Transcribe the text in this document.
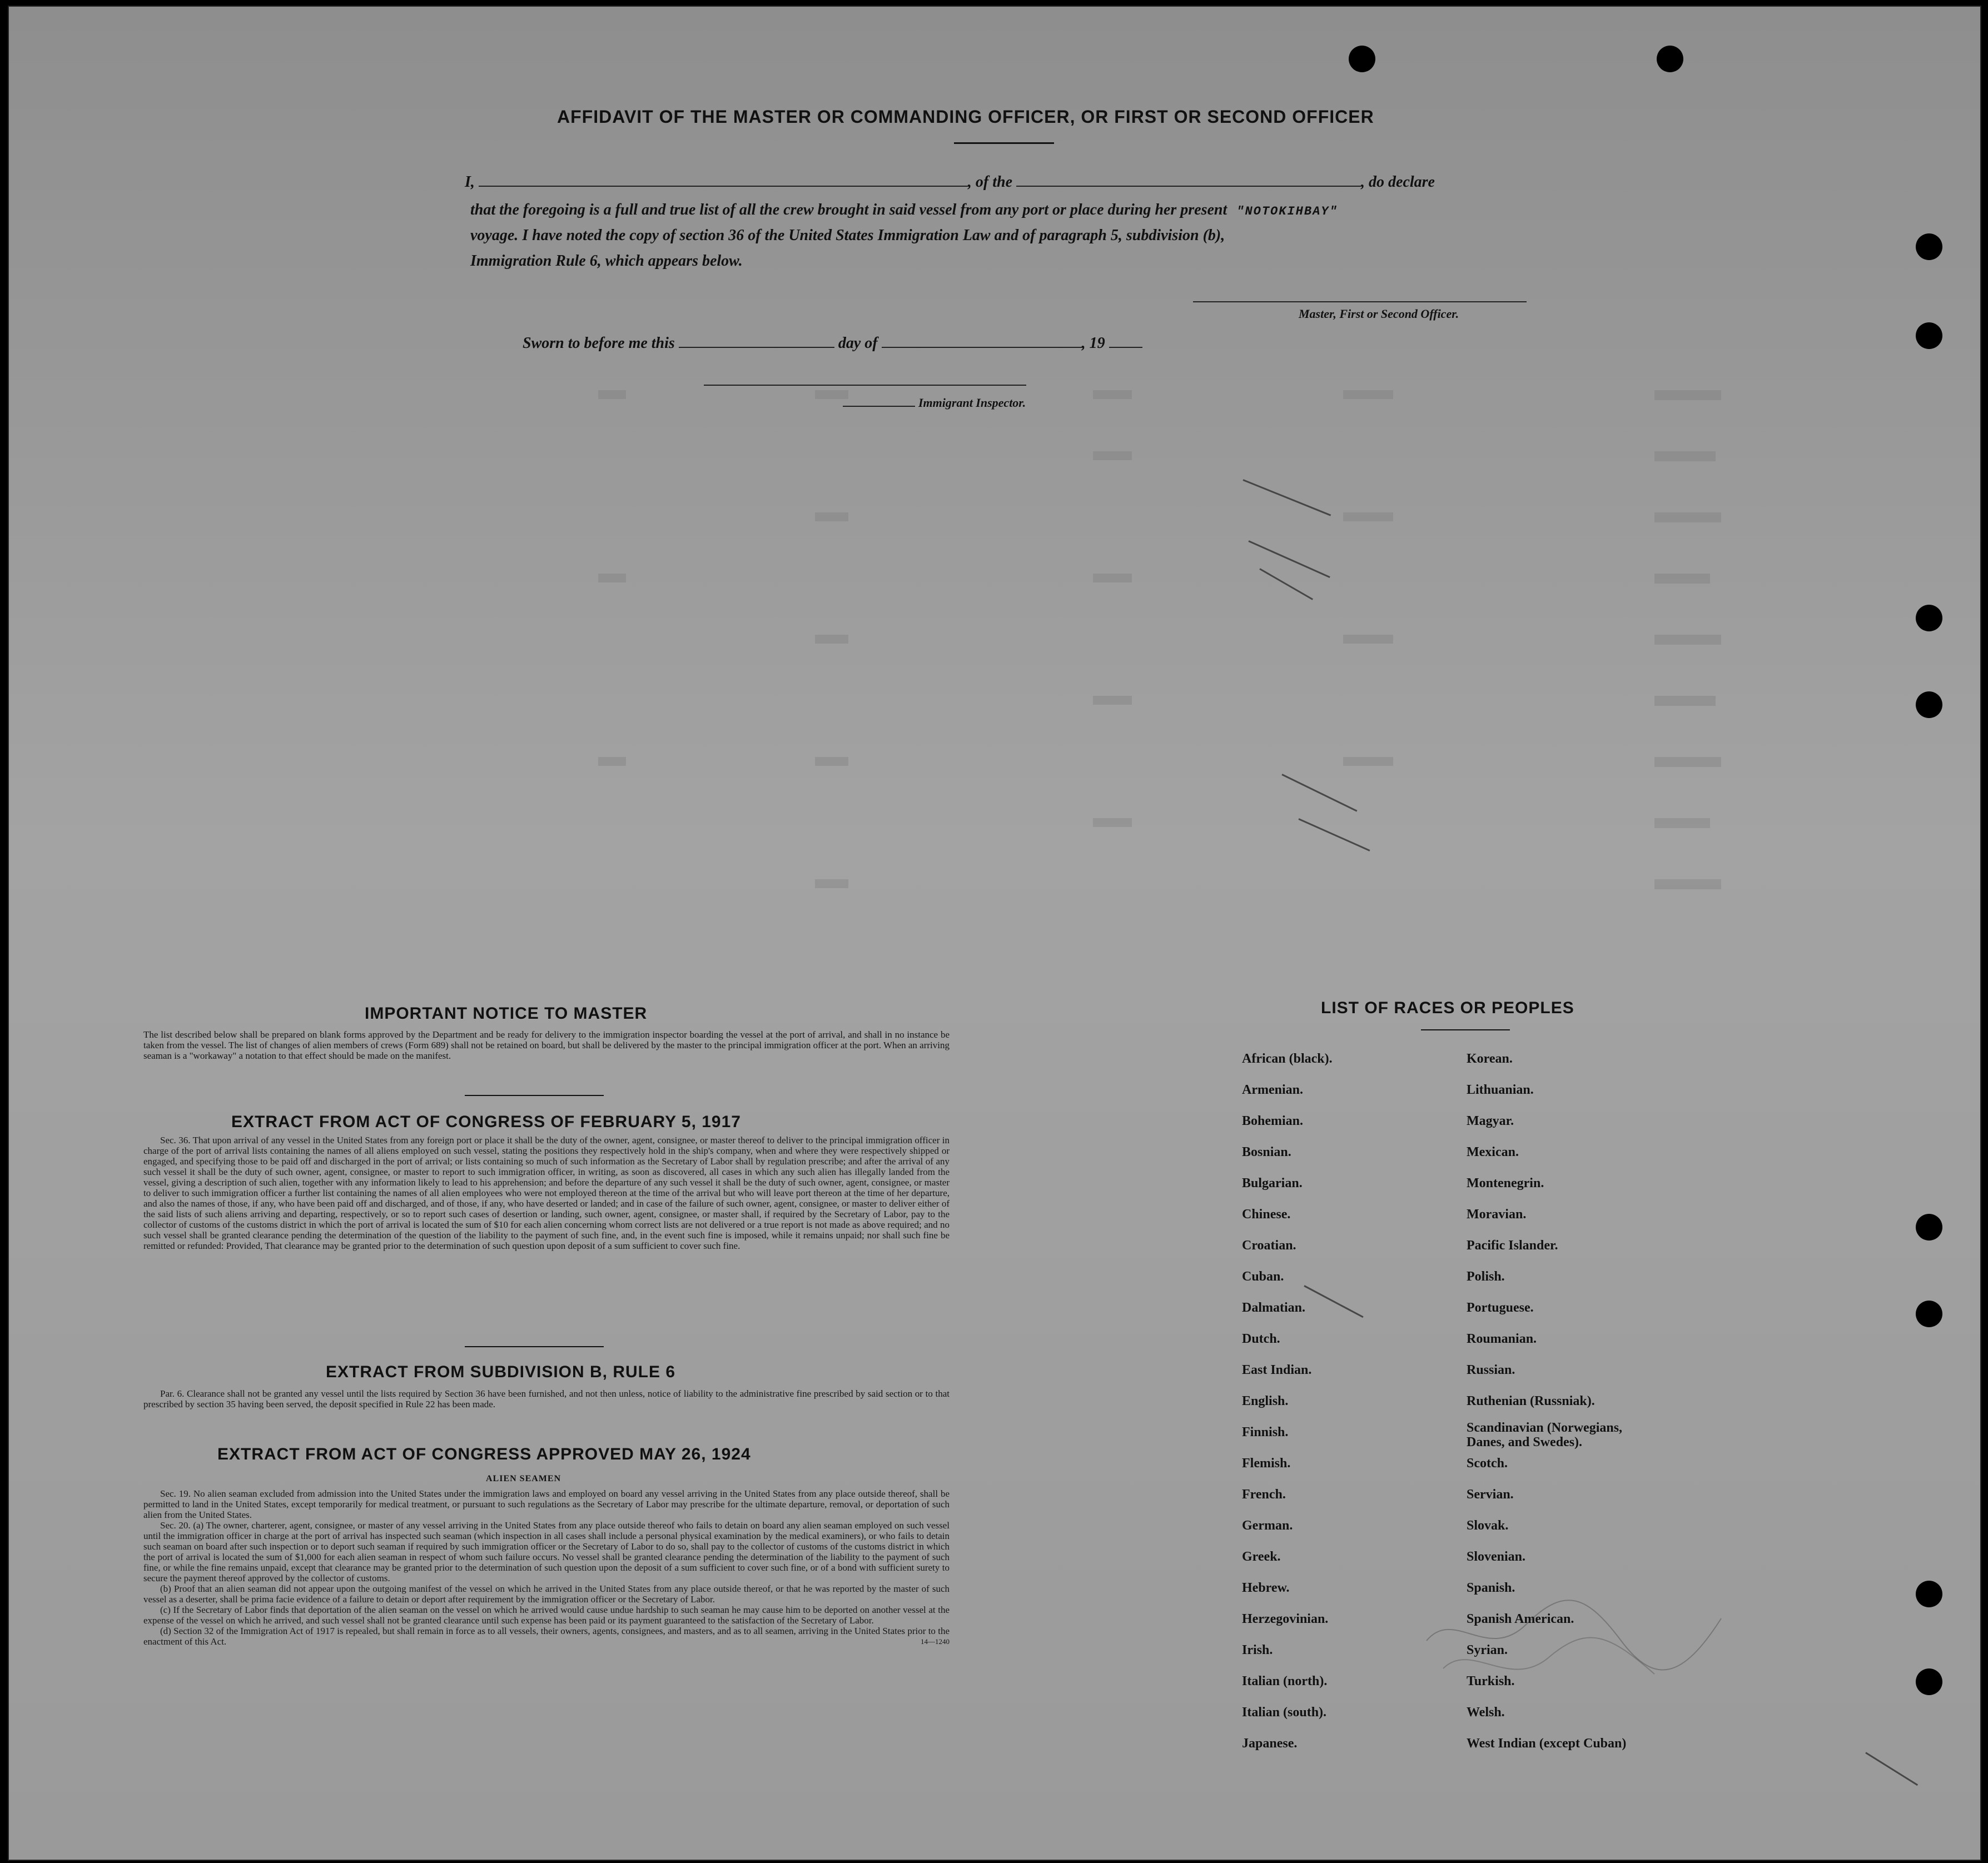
AFFIDAVIT OF THE MASTER OR COMMANDING OFFICER, OR FIRST OR SECOND OFFICER
I,	, of the	, do declare
that the foregoing is a full and true list of all the crew brought in said vessel from any port or place during her present "NOTOKIHBAY"
voyage. I have noted the copy of section 36 of the United States Immigration Law and of paragraph 5, subdivision (b),
Immigration Rule 6, which appears below.
Master, First or Second Officer.
Sworn to before me this	day of	, 19
Immigrant Inspector.
IMPORTANT NOTICE TO MASTER
The list described below shall be prepared on blank forms approved by the Department and be ready for delivery to the immigration inspector boarding the vessel at the port of arrival, and shall in no instance be taken from the vessel. The list of changes of alien members of crews (Form 689) shall not be retained on board, but shall be delivered by the master to the principal immigration officer at the port. When an arriving seaman is a "workaway" a notation to that effect should be made on the manifest.
EXTRACT FROM ACT OF CONGRESS OF FEBRUARY 5, 1917
Sec. 36. That upon arrival of any vessel in the United States from any foreign port or place it shall be the duty of the owner, agent, consignee, or master thereof to deliver to the principal immigration officer in charge of the port of arrival lists containing the names of all aliens employed on such vessel, stating the positions they respectively hold in the ship's company, when and where they were respectively shipped or engaged, and specifying those to be paid off and discharged in the port of arrival; or lists containing so much of such information as the Secretary of Labor shall by regulation prescribe; and after the arrival of any such vessel it shall be the duty of such owner, agent, consignee, or master to report to such immigration officer, in writing, as soon as discovered, all cases in which any such alien has illegally landed from the vessel, giving a description of such alien, together with any information likely to lead to his apprehension; and before the departure of any such vessel it shall be the duty of such owner, agent, consignee, or master to deliver to such immigration officer a further list containing the names of all alien employees who were not employed thereon at the time of the arrival but who will leave port thereon at the time of her departure, and also the names of those, if any, who have been paid off and discharged, and of those, if any, who have deserted or landed; and in case of the failure of such owner, agent, consignee, or master to deliver either of the said lists of such aliens arriving and departing, respectively, or so to report such cases of desertion or landing, such owner, agent, consignee, or master shall, if required by the Secretary of Labor, pay to the collector of customs of the customs district in which the port of arrival is located the sum of $10 for each alien concerning whom correct lists are not delivered or a true report is not made as above required; and no such vessel shall be granted clearance pending the determination of the question of the liability to the payment of such fine, and, in the event such fine is imposed, while it remains unpaid; nor shall such fine be remitted or refunded: Provided, That clearance may be granted prior to the determination of such question upon deposit of a sum sufficient to cover such fine.
EXTRACT FROM SUBDIVISION B, RULE 6
Par. 6. Clearance shall not be granted any vessel until the lists required by Section 36 have been furnished, and not then unless, notice of liability to the administrative fine prescribed by said section or to that prescribed by section 35 having been served, the deposit specified in Rule 22 has been made.
EXTRACT FROM ACT OF CONGRESS APPROVED MAY 26, 1924
ALIEN SEAMEN
Sec. 19. No alien seaman excluded from admission into the United States under the immigration laws and employed on board any vessel arriving in the United States from any place outside thereof, shall be permitted to land in the United States, except temporarily for medical treatment, or pursuant to such regulations as the Secretary of Labor may prescribe for the ultimate departure, removal, or deportation of such alien from the United States.
Sec. 20. (a) The owner, charterer, agent, consignee, or master of any vessel arriving in the United States from any place outside thereof who fails to detain on board any alien seaman employed on such vessel until the immigration officer in charge at the port of arrival has inspected such seaman (which inspection in all cases shall include a personal physical examination by the medical examiners), or who fails to detain such seaman on board after such inspection or to deport such seaman if required by such immigration officer or the Secretary of Labor to do so, shall pay to the collector of customs of the customs district in which the port of arrival is located the sum of $1,000 for each alien seaman in respect of whom such failure occurs. No vessel shall be granted clearance pending the determination of the liability to the payment of such fine, or while the fine remains unpaid, except that clearance may be granted prior to the determination of such question upon the deposit of a sum sufficient to cover such fine, or of a bond with sufficient surety to secure the payment thereof approved by the collector of customs.
(b) Proof that an alien seaman did not appear upon the outgoing manifest of the vessel on which he arrived in the United States from any place outside thereof, or that he was reported by the master of such vessel as a deserter, shall be prima facie evidence of a failure to detain or deport after requirement by the immigration officer or the Secretary of Labor.
(c) If the Secretary of Labor finds that deportation of the alien seaman on the vessel on which he arrived would cause undue hardship to such seaman he may cause him to be deported on another vessel at the expense of the vessel on which he arrived, and such vessel shall not be granted clearance until such expense has been paid or its payment guaranteed to the satisfaction of the Secretary of Labor.
(d) Section 32 of the Immigration Act of 1917 is repealed, but shall remain in force as to all vessels, their owners, agents, consignees, and masters, and as to all seamen, arriving in the United States prior to the enactment of this Act.	14—1240
LIST OF RACES OR PEOPLES
African (black).
Armenian.
Bohemian.
Bosnian.
Bulgarian.
Chinese.
Croatian.
Cuban.
Dalmatian.
Dutch.
East Indian.
English.
Finnish.
Flemish.
French.
German.
Greek.
Hebrew.
Herzegovinian.
Irish.
Italian (north).
Italian (south).
Japanese.
Korean.
Lithuanian.
Magyar.
Mexican.
Montenegrin.
Moravian.
Pacific Islander.
Polish.
Portuguese.
Roumanian.
Russian.
Ruthenian (Russniak).
Scandinavian (Norwegians, Danes, and Swedes).
Scotch.
Servian.
Slovak.
Slovenian.
Spanish.
Spanish American.
Syrian.
Turkish.
Welsh.
West Indian (except Cuban)
